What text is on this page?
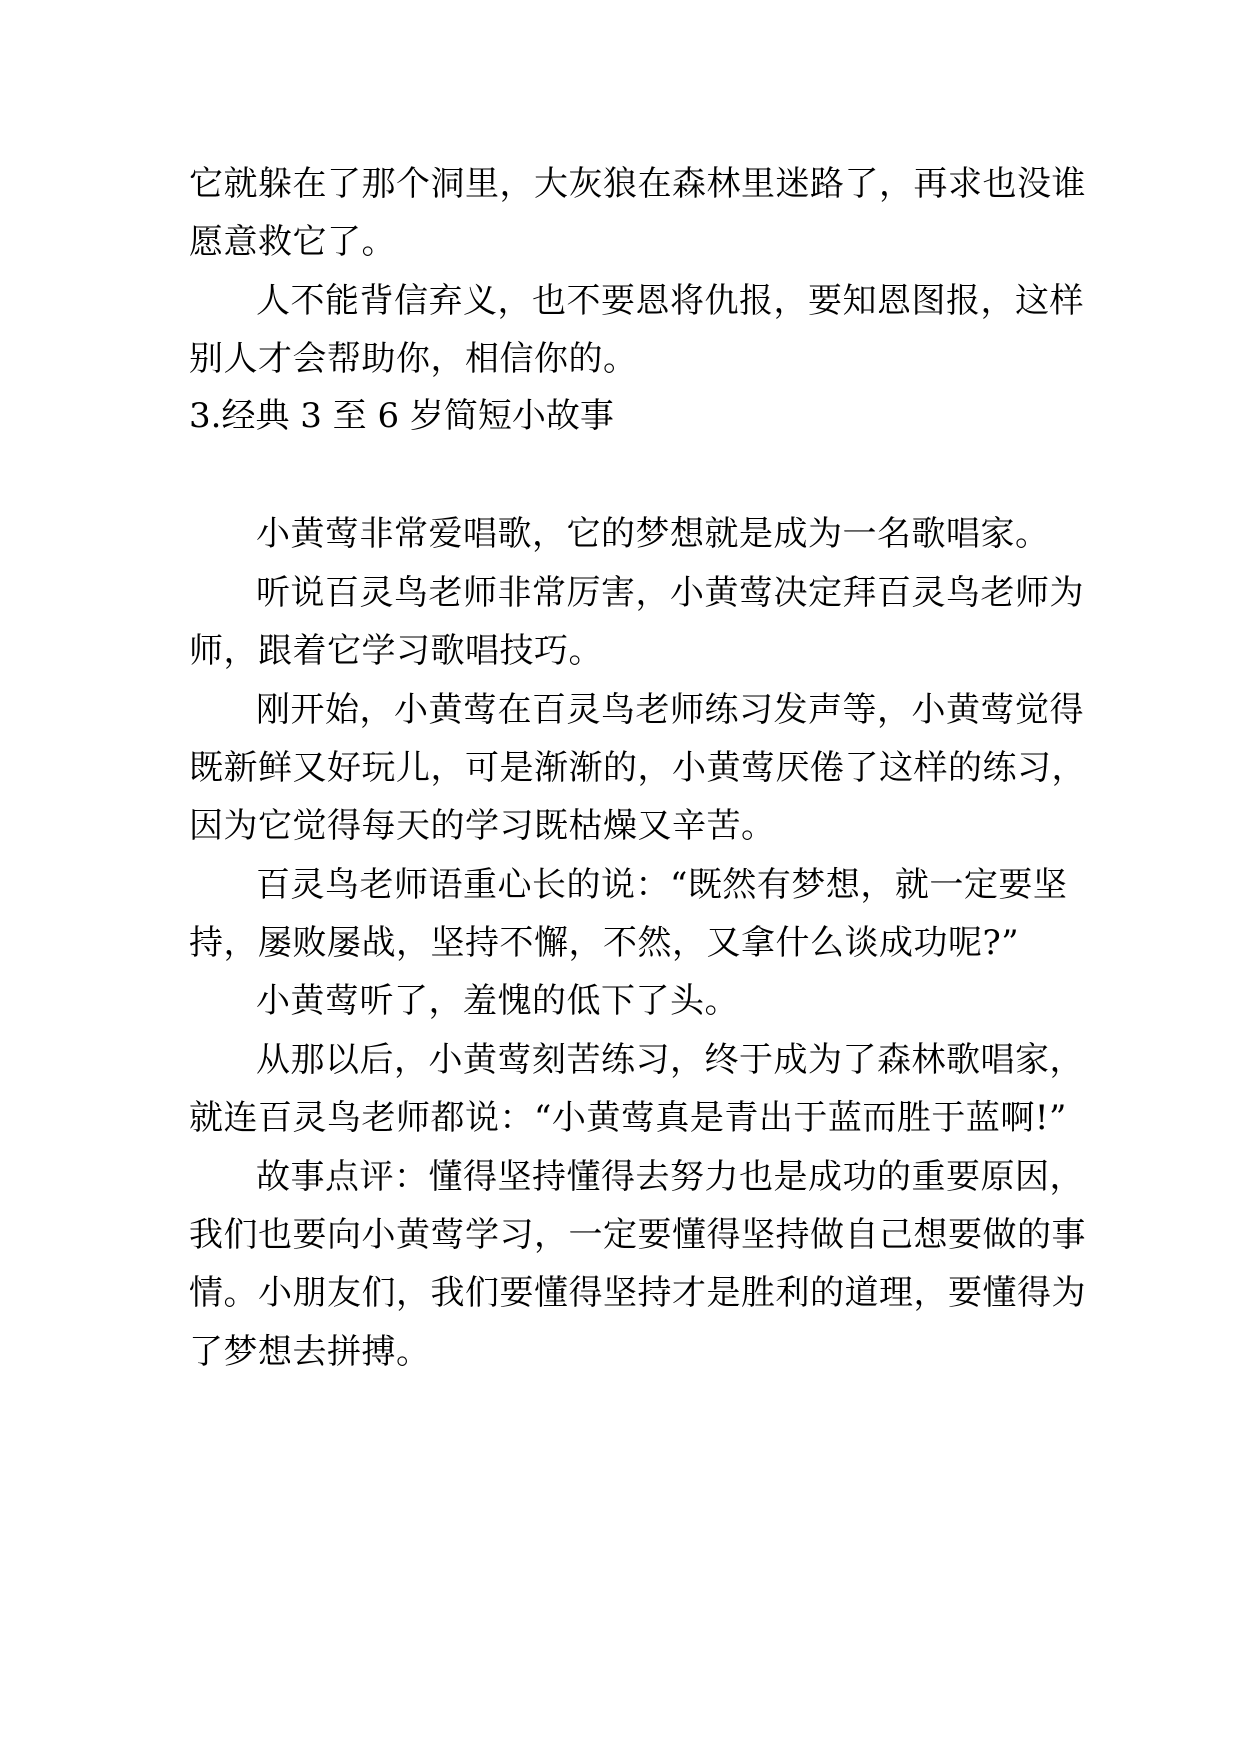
它就躲在了那个洞里，大灰狼在森林里迷路了，再求也没谁
愿意救它了。
人不能背信弃义，也不要恩将仇报，要知恩图报，这样
别人才会帮助你，相信你的。
3.经典 3 至 6 岁简短小故事
小黄莺非常爱唱歌，它的梦想就是成为一名歌唱家。
听说百灵鸟老师非常厉害，小黄莺决定拜百灵鸟老师为
师，跟着它学习歌唱技巧。
刚开始，小黄莺在百灵鸟老师练习发声等，小黄莺觉得
既新鲜又好玩儿，可是渐渐的，小黄莺厌倦了这样的练习，
因为它觉得每天的学习既枯燥又辛苦。
百灵鸟老师语重心长的说：“既然有梦想，就一定要坚
持，屡败屡战，坚持不懈，不然，又拿什么谈成功呢?”
小黄莺听了，羞愧的低下了头。
从那以后，小黄莺刻苦练习，终于成为了森林歌唱家，
就连百灵鸟老师都说：“小黄莺真是青出于蓝而胜于蓝啊!”
故事点评：懂得坚持懂得去努力也是成功的重要原因，
我们也要向小黄莺学习，一定要懂得坚持做自己想要做的事
情。小朋友们，我们要懂得坚持才是胜利的道理，要懂得为
了梦想去拼搏。
